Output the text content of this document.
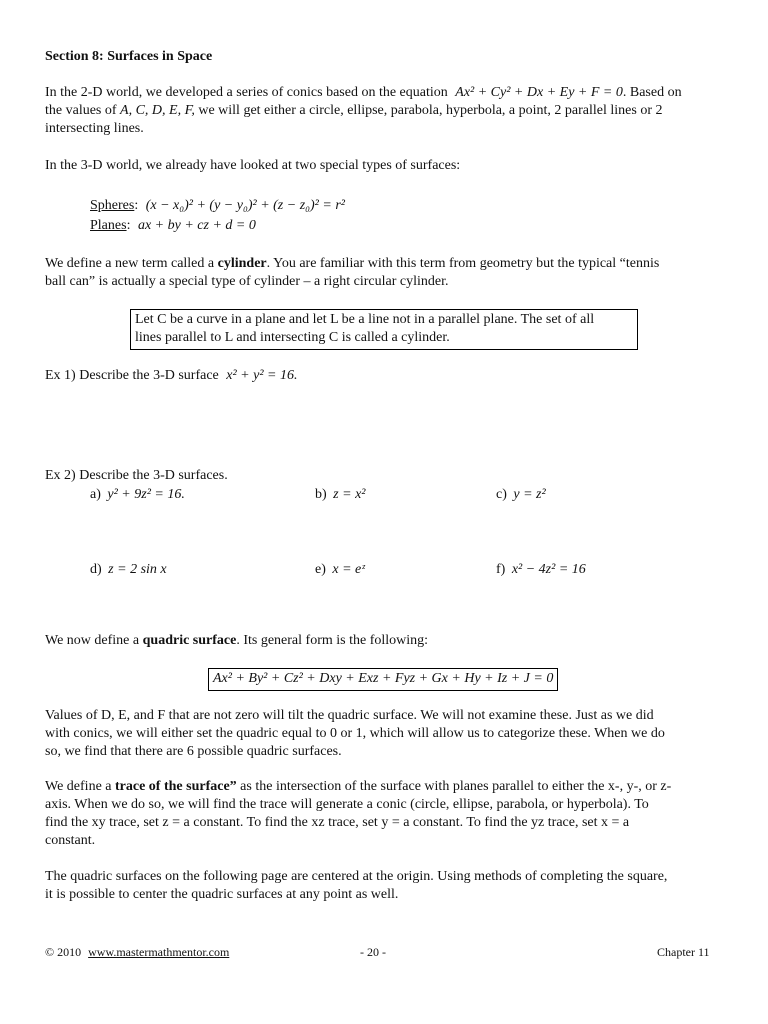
Section 8: Surfaces in Space
In the 2-D world, we developed a series of conics based on the equation Ax² + Cy² + Dx + Ey + F = 0. Based on
the values of A, C, D, E, F, we will get either a circle, ellipse, parabola, hyperbola, a point, 2 parallel lines or 2
intersecting lines.
In the 3-D world, we already have looked at two special types of surfaces:
Spheres: (x − x₀)² + (y − y₀)² + (z − z₀)² = r²
Planes: ax + by + cz + d = 0
We define a new term called a cylinder. You are familiar with this term from geometry but the typical “tennis
ball can” is actually a special type of cylinder – a right circular cylinder.
Let C be a curve in a plane and let L be a line not in a parallel plane. The set of all
lines parallel to L and intersecting C is called a cylinder.
Ex 1) Describe the 3-D surface x² + y² = 16.
Ex 2) Describe the 3-D surfaces.
a) y² + 9z² = 16.	b) z = x²	c) y = z²
d) z = 2 sin x	e) x = eᶻ	f) x² − 4z² = 16
We now define a quadric surface. Its general form is the following:
Ax² + By² + Cz² + Dxy + Exz + Fyz + Gx + Hy + Iz + J = 0
Values of D, E, and F that are not zero will tilt the quadric surface. We will not examine these. Just as we did
with conics, we will either set the quadric equal to 0 or 1, which will allow us to categorize these. When we do
so, we find that there are 6 possible quadric surfaces.
We define a trace of the surface” as the intersection of the surface with planes parallel to either the x-, y-, or z-
axis. When we do so, we will find the trace will generate a conic (circle, ellipse, parabola, or hyperbola). To
find the xy trace, set z = a constant. To find the xz trace, set y = a constant. To find the yz trace, set x = a
constant.
The quadric surfaces on the following page are centered at the origin. Using methods of completing the square,
it is possible to center the quadric surfaces at any point as well.
© 2010 www.mastermathmentor.com	- 20 -	Chapter 11
